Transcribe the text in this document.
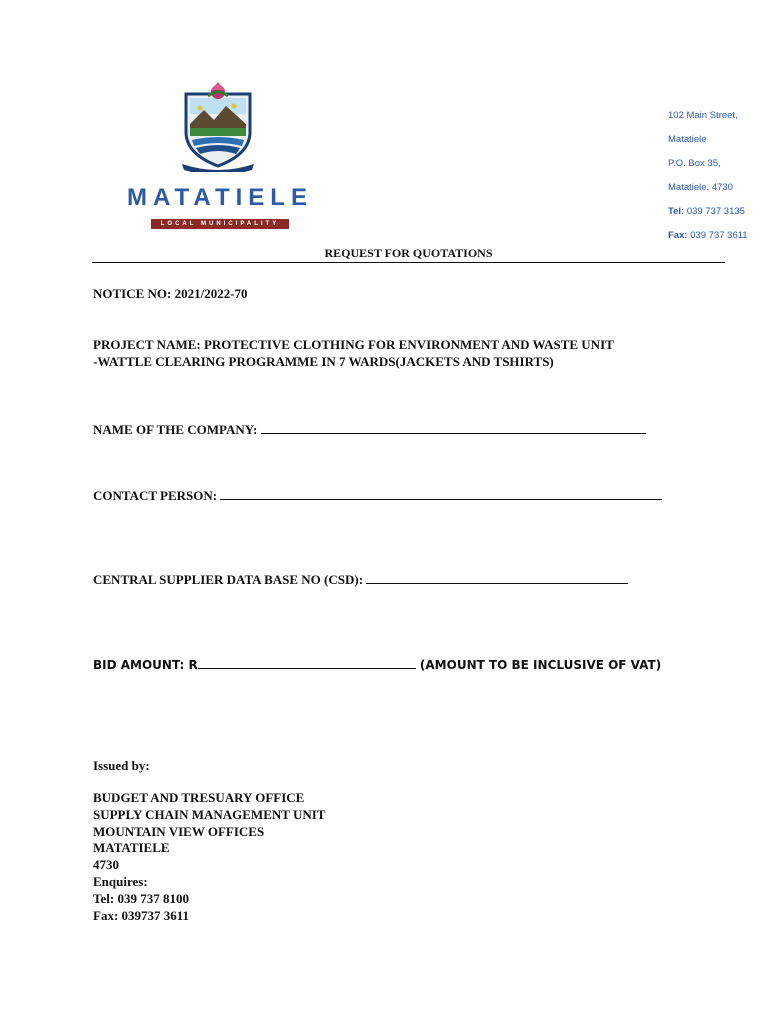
MATATIELE
LOCAL MUNICIPALITY
102 Main Street,
Matatiele
P.O. Box 35,
Matatiele, 4730
Tel: 039 737 3135
Fax: 039 737 3611
REQUEST FOR QUOTATIONS
NOTICE NO: 2021/2022-70
PROJECT NAME: PROTECTIVE CLOTHING FOR ENVIRONMENT AND WASTE UNIT
-WATTLE CLEARING PROGRAMME IN 7 WARDS(JACKETS AND TSHIRTS)
NAME OF THE COMPANY:
CONTACT PERSON:
CENTRAL SUPPLIER DATA BASE NO (CSD):
BID AMOUNT: R	(AMOUNT TO BE INCLUSIVE OF VAT)
Issued by:
BUDGET AND TRESUARY OFFICE
SUPPLY CHAIN MANAGEMENT UNIT
MOUNTAIN VIEW OFFICES
MATATIELE
4730
Enquires:
Tel: 039 737 8100
Fax: 039737 3611
